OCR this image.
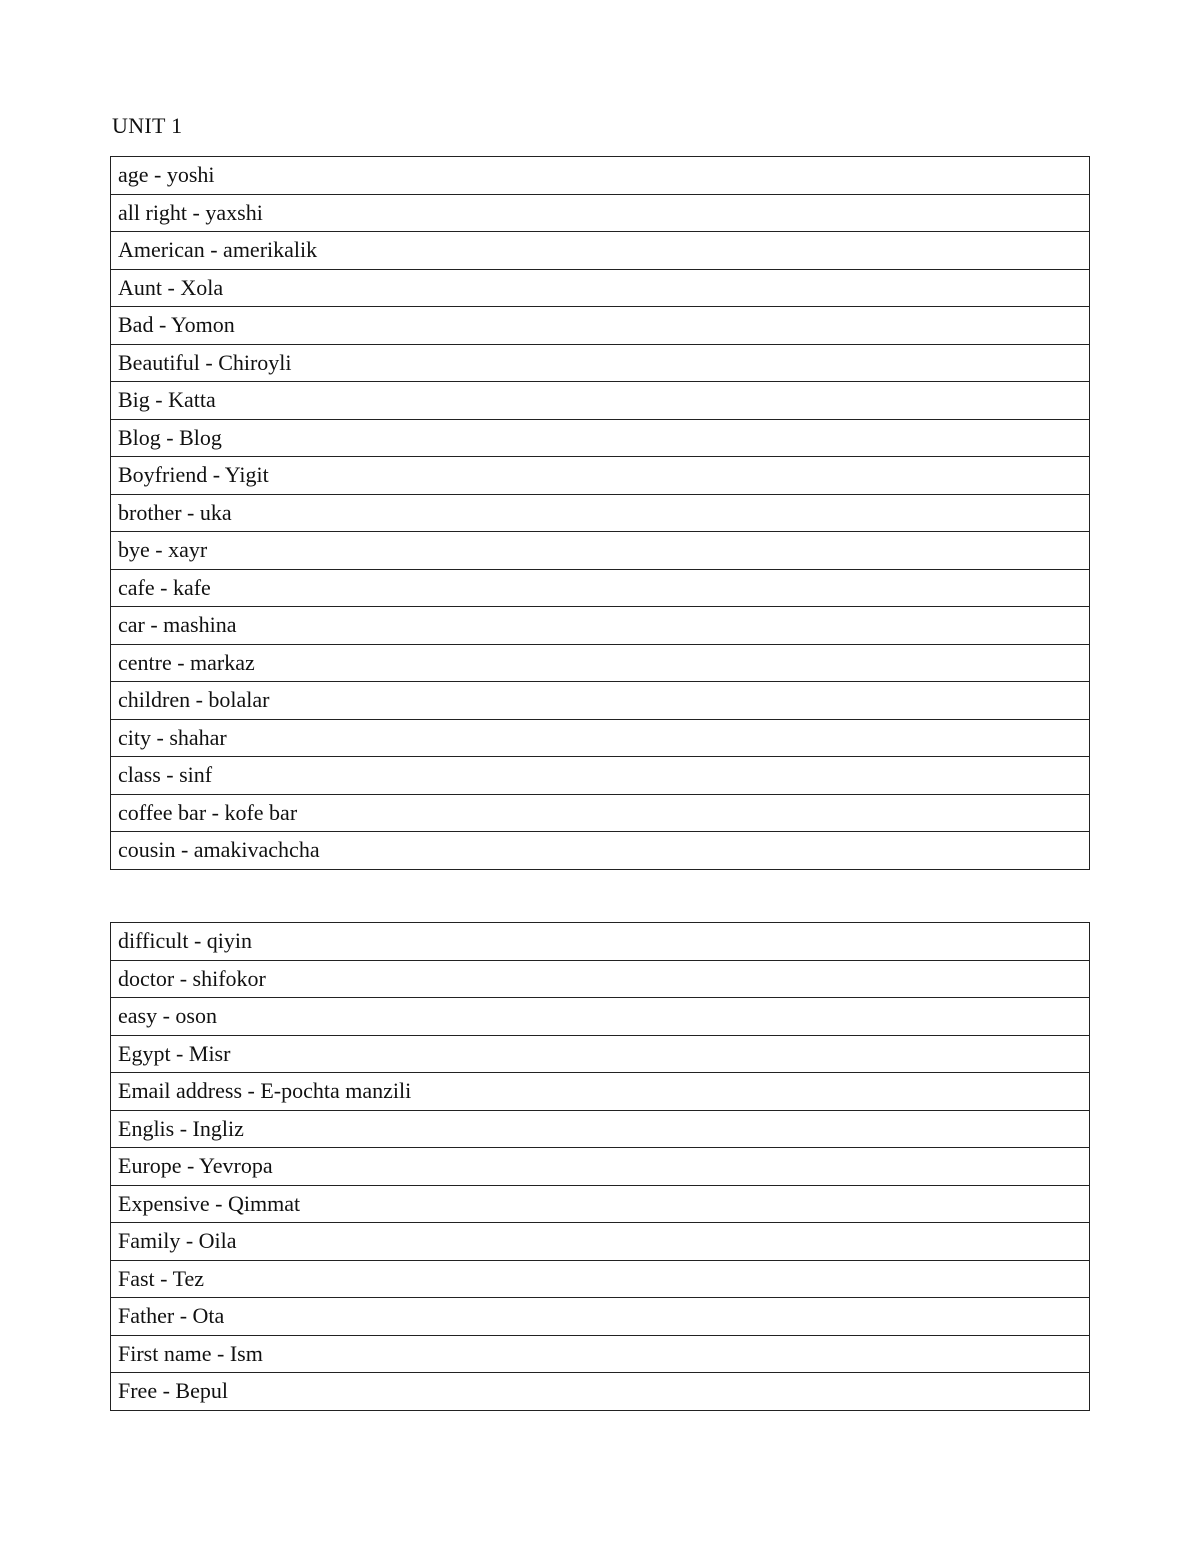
UNIT 1
age - yoshi
all right - yaxshi
American - amerikalik
Aunt - Xola
Bad - Yomon
Beautiful - Chiroyli
Big - Katta
Blog - Blog
Boyfriend - Yigit
brother - uka
bye - xayr
cafe - kafe
car - mashina
centre - markaz
children - bolalar
city - shahar
class - sinf
coffee bar - kofe bar
cousin - amakivachcha
difficult - qiyin
doctor - shifokor
easy - oson
Egypt - Misr
Email address - E-pochta manzili
Englis - Ingliz
Europe - Yevropa
Expensive - Qimmat
Family - Oila
Fast - Tez
Father - Ota
First name - Ism
Free - Bepul
